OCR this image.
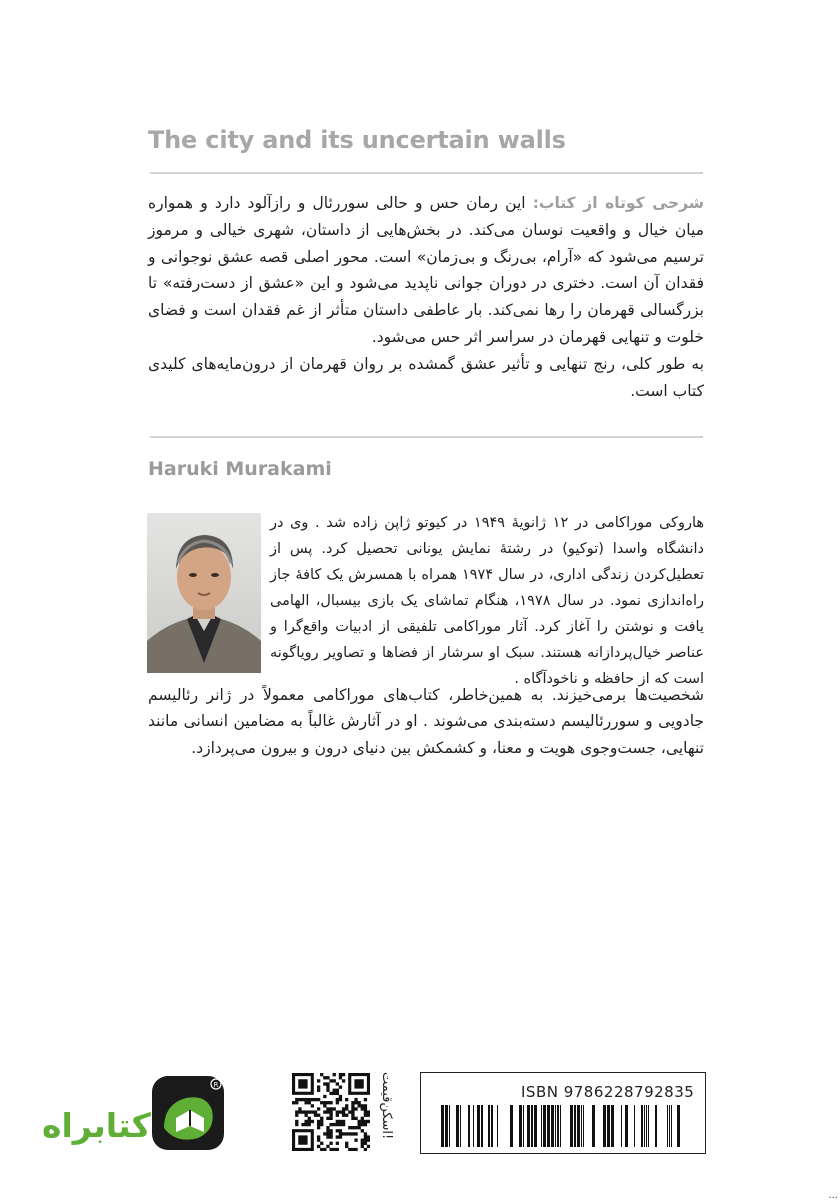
The city and its uncertain walls

شرحی کوتاه از کتاب: این رمان حس و حالی سوررئال و رازآلود دارد و همواره میان خیال و واقعیت نوسان می‌کند. در بخش‌هایی از داستان، شهری خیالی و مرموز ترسیم می‌شود که «آرام، بی‌رنگ و بی‌زمان» است. محور اصلی قصه عشق نوجوانی و فقدان آن است. دختری در دوران جوانی ناپدید می‌شود و این «عشق از دست‌رفته» تا بزرگسالی قهرمان را رها نمی‌کند. بار عاطفی داستان متأثر از غم فقدان است و فضای خلوت و تنهایی قهرمان در سراسر اثر حس می‌شود.

به طور کلی، رنج تنهایی و تأثیر عشق گمشده بر روان قهرمان از درون‌مایه‌های کلیدی کتاب است.

Haruki Murakami

هاروکی موراکامی در ۱۲ ژانویهٔ ۱۹۴۹ در کیوتو ژاپن زاده شد . وی در دانشگاه واسدا (توکیو) در رشتهٔ نمایش یونانی تحصیل کرد. پس از تعطیل‌کردن زندگی اداری، در سال ۱۹۷۴ همراه با همسرش یک کافهٔ جاز راه‌اندازی نمود. در سال ۱۹۷۸، هنگام تماشای یک بازی بیسبال، الهامی یافت و نوشتن را آغاز کرد. آثار موراکامی تلفیقی از ادبیات واقع‌گرا و عناصر خیال‌پردازانه هستند. سبک او سرشار از فضاها و تصاویر رویاگونه است که از حافظه و ناخودآگاه .

شخصیت‌ها برمی‌خیزند. به همین‌خاطر، کتاب‌های موراکامی معمولاً در ژانر رئالیسم جادویی و سوررئالیسم دسته‌بندی می‌شوند . او در آثارش غالباً به مضامین انسانی مانند تنهایی، جست‌وجوی هویت و معنا، و کشمکش بین دنیای درون و بیرون می‌پردازد.

کتابراه
R	اسکن‌قیمت!
ISBN 9786228792835
...
